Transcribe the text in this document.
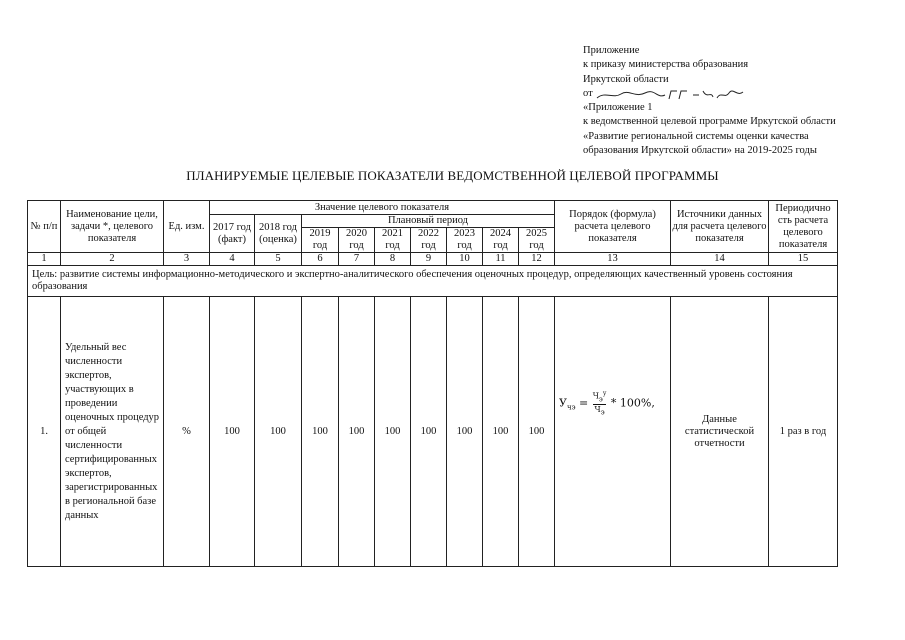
Приложение
к приказу министерства образования
Иркутской области
от
«Приложение 1
к ведомственной целевой программе Иркутской области
«Развитие региональной системы оценки качества
образования Иркутской области» на 2019-2025 годы
ПЛАНИРУЕМЫЕ ЦЕЛЕВЫЕ ПОКАЗАТЕЛИ ВЕДОМСТВЕННОЙ ЦЕЛЕВОЙ ПРОГРАММЫ
№ п/п	Наименование цели, задачи *, целевого показателя	Ед. изм.	Значение целевого показателя									Порядок (формула) расчета целевого показателя	Источники данных для расчета целевого показателя	Периодично сть расчета целевого показателя
			2017 год (факт)	2018 год (оценка)	Плановый период									
					2019 год	2020 год	2021 год	2022 год	2023 год	2024 год	2025 год			
1	2	3	4	5	6	7	8	9	10	11	12	13	14	15
Цель: развитие системы информационно-методического и экспертно-аналитического обеспечения оценочных процедур, определяющих качественный уровень состояния образования														
1.	Удельный вес численности экспертов, участвующих в проведении оценочных процедур от общей численности сертифицированных экспертов, зарегистрированных в региональной базе данных	%	100	100	100	100	100	100	100	100	100	$У_{чэ} = \frac{Ч_э^у}{Ч_э} * 100\%$,	Данные статистической отчетности	1 раз в год
